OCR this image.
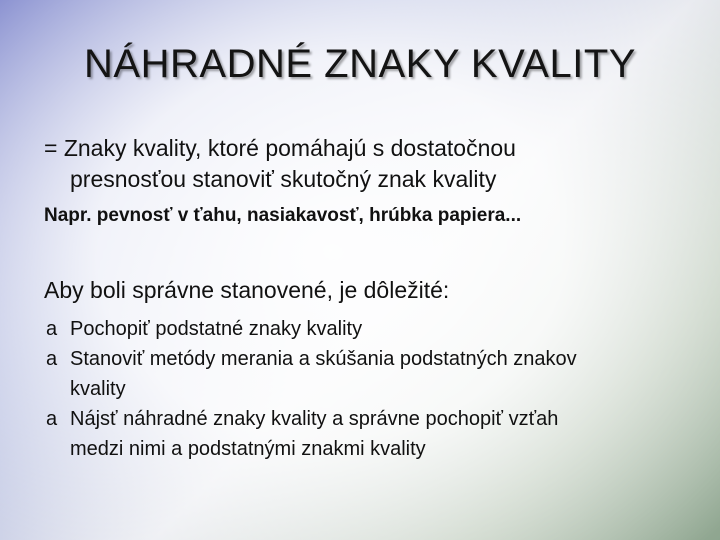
NÁHRADNÉ ZNAKY KVALITY
= Znaky kvality, ktoré pomáhajú s dostatočnou
presnosťou stanoviť skutočný znak kvality
Napr. pevnosť v ťahu, nasiakavosť, hrúbka papiera...
Aby boli správne stanovené, je dôležité:
a Pochopiť podstatné znaky kvality
a Stanoviť metódy merania a skúšania podstatných znakov
kvality
a Nájsť náhradné znaky kvality a správne pochopiť vzťah
medzi nimi a podstatnými znakmi kvality
